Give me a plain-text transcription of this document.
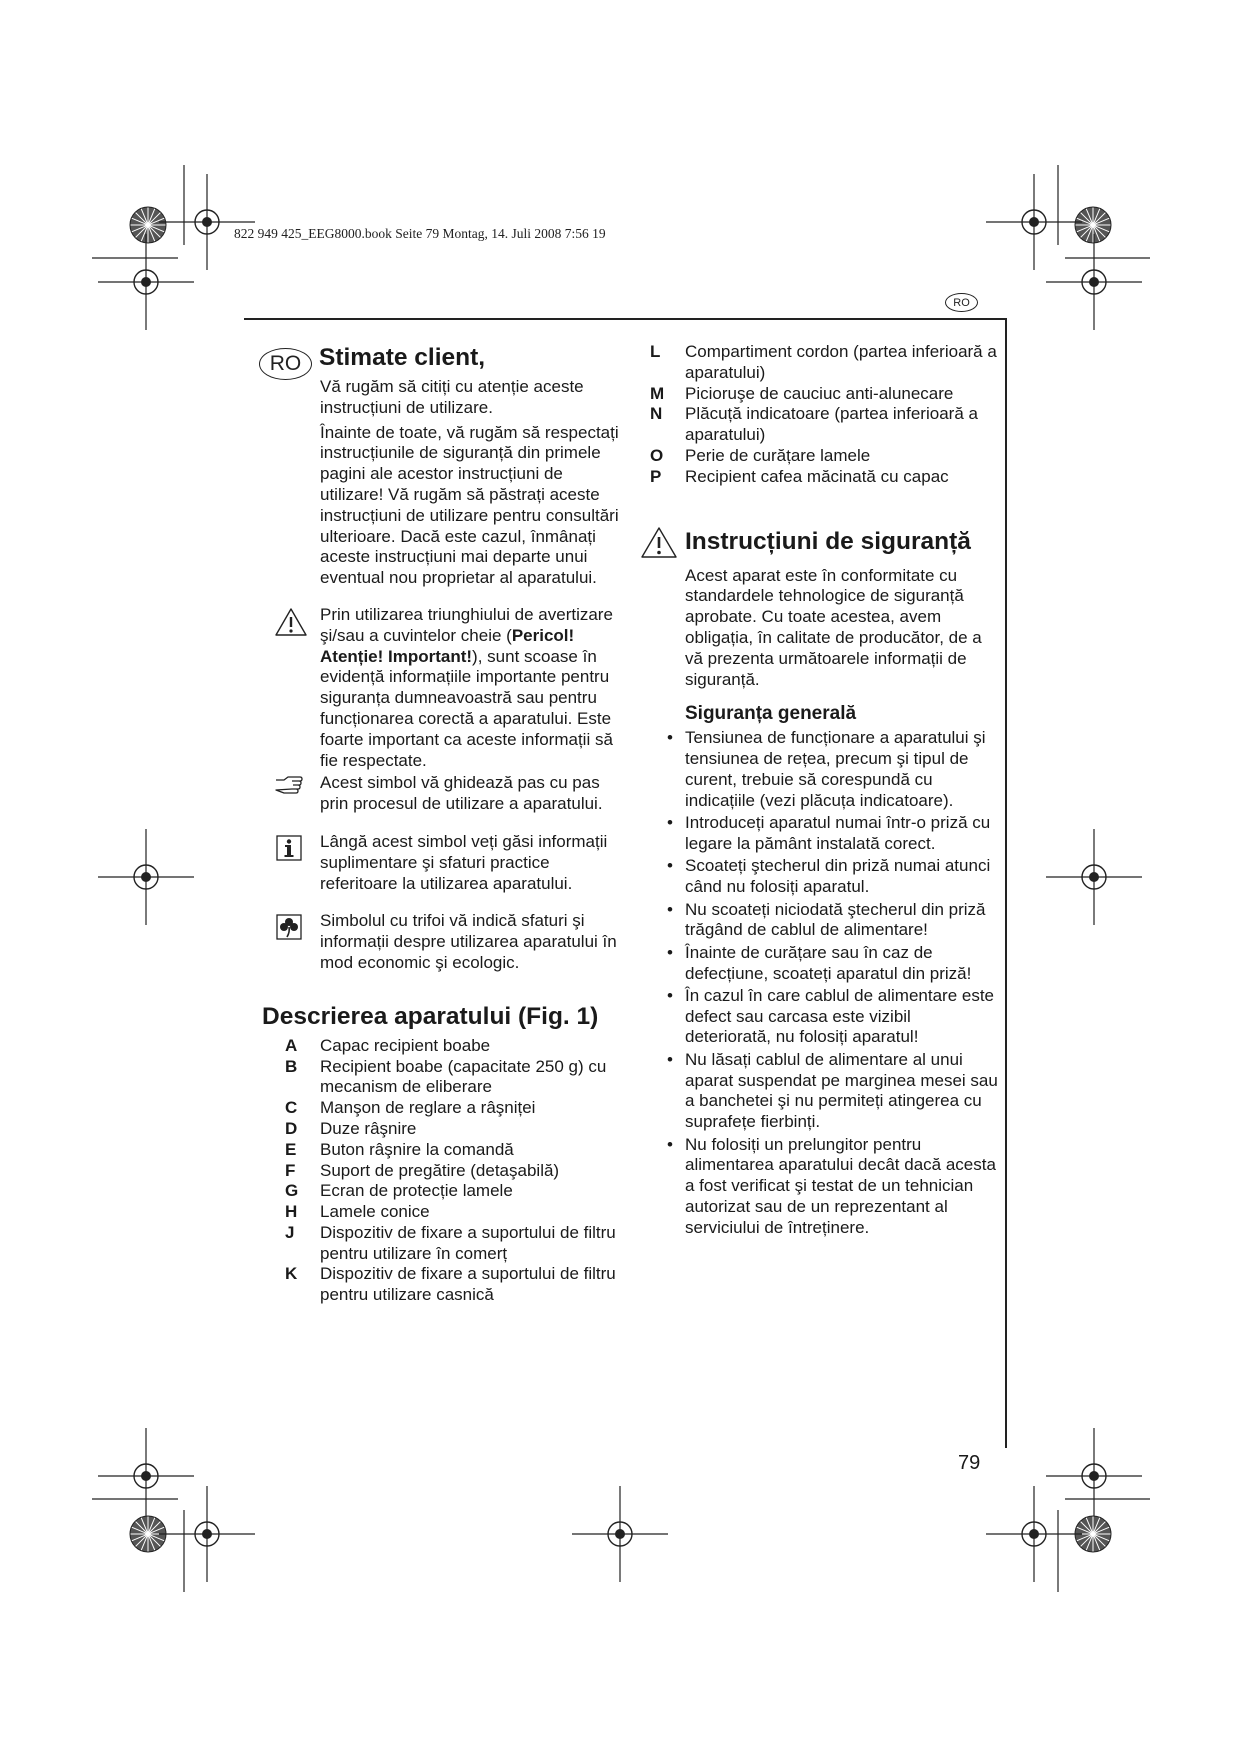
822 949 425_EEG8000.book Seite 79 Montag, 14. Juli 2008 7:56 19
RO
RO Stimate client,

Vă rugăm să citiți cu atenție aceste instrucțiuni de utilizare.

Înainte de toate, vă rugăm să respectați instrucțiunile de siguranță din primele pagini ale acestor instrucțiuni de utilizare! Vă rugăm să păstrați aceste instrucțiuni de utilizare pentru consultări ulterioare. Dacă este cazul, înmânați aceste instrucțiuni mai departe unui eventual nou proprietar al aparatului.

Prin utilizarea triunghiului de avertizare şi/sau a cuvintelor cheie (Pericol! Atenție! Important!), sunt scoase în evidență informațiile importante pentru siguranța dumneavoastră sau pentru funcționarea corectă a aparatului. Este foarte important ca aceste informații să fie respectate.
Acest simbol vă ghidează pas cu pas prin procesul de utilizare a aparatului.
Lângă acest simbol veți găsi informații suplimentare şi sfaturi practice referitoare la utilizarea aparatului.
Simbolul cu trifoi vă indică sfaturi şi informații despre utilizarea aparatului în mod economic şi ecologic.
Descrierea aparatului (Fig. 1)
A	Capac recipient boabe
B	Recipient boabe (capacitate 250 g) cu mecanism de eliberare
C	Manşon de reglare a râşniței
D	Duze râşnire
E	Buton râşnire la comandă
F	Suport de pregătire (detaşabilă)
G	Ecran de protecție lamele
H	Lamele conice
J	Dispozitiv de fixare a suportului de filtru pentru utilizare în comerț
K	Dispozitiv de fixare a suportului de filtru pentru utilizare casnică
L	Compartiment cordon (partea inferioară a aparatului)
M	Picioruşe de cauciuc anti-alunecare
N	Plăcuță indicatoare (partea inferioară a aparatului)
O	Perie de curățare lamele
P	Recipient cafea măcinată cu capac
Instrucțiuni de siguranță

Acest aparat este în conformitate cu standardele tehnologice de siguranță aprobate. Cu toate acestea, avem obligația, în calitate de producător, de a vă prezenta următoarele informații de siguranță.

Siguranța generală
• Tensiunea de funcționare a aparatului şi tensiunea de rețea, precum şi tipul de curent, trebuie să corespundă cu indicațiile (vezi plăcuța indicatoare).
• Introduceți aparatul numai într-o priză cu legare la pământ instalată corect.
• Scoateți ştecherul din priză numai atunci când nu folosiți aparatul.
• Nu scoateți niciodată ştecherul din priză trăgând de cablul de alimentare!
• Înainte de curățare sau în caz de defecțiune, scoateți aparatul din priză!
• În cazul în care cablul de alimentare este defect sau carcasa este vizibil deteriorată, nu folosiți aparatul!
• Nu lăsați cablul de alimentare al unui aparat suspendat pe marginea mesei sau a banchetei şi nu permiteți atingerea cu suprafețe fierbinți.
• Nu folosiți un prelungitor pentru alimentarea aparatului decât dacă acesta a fost verificat şi testat de un tehnician autorizat sau de un reprezentant al serviciului de întreținere.
79
